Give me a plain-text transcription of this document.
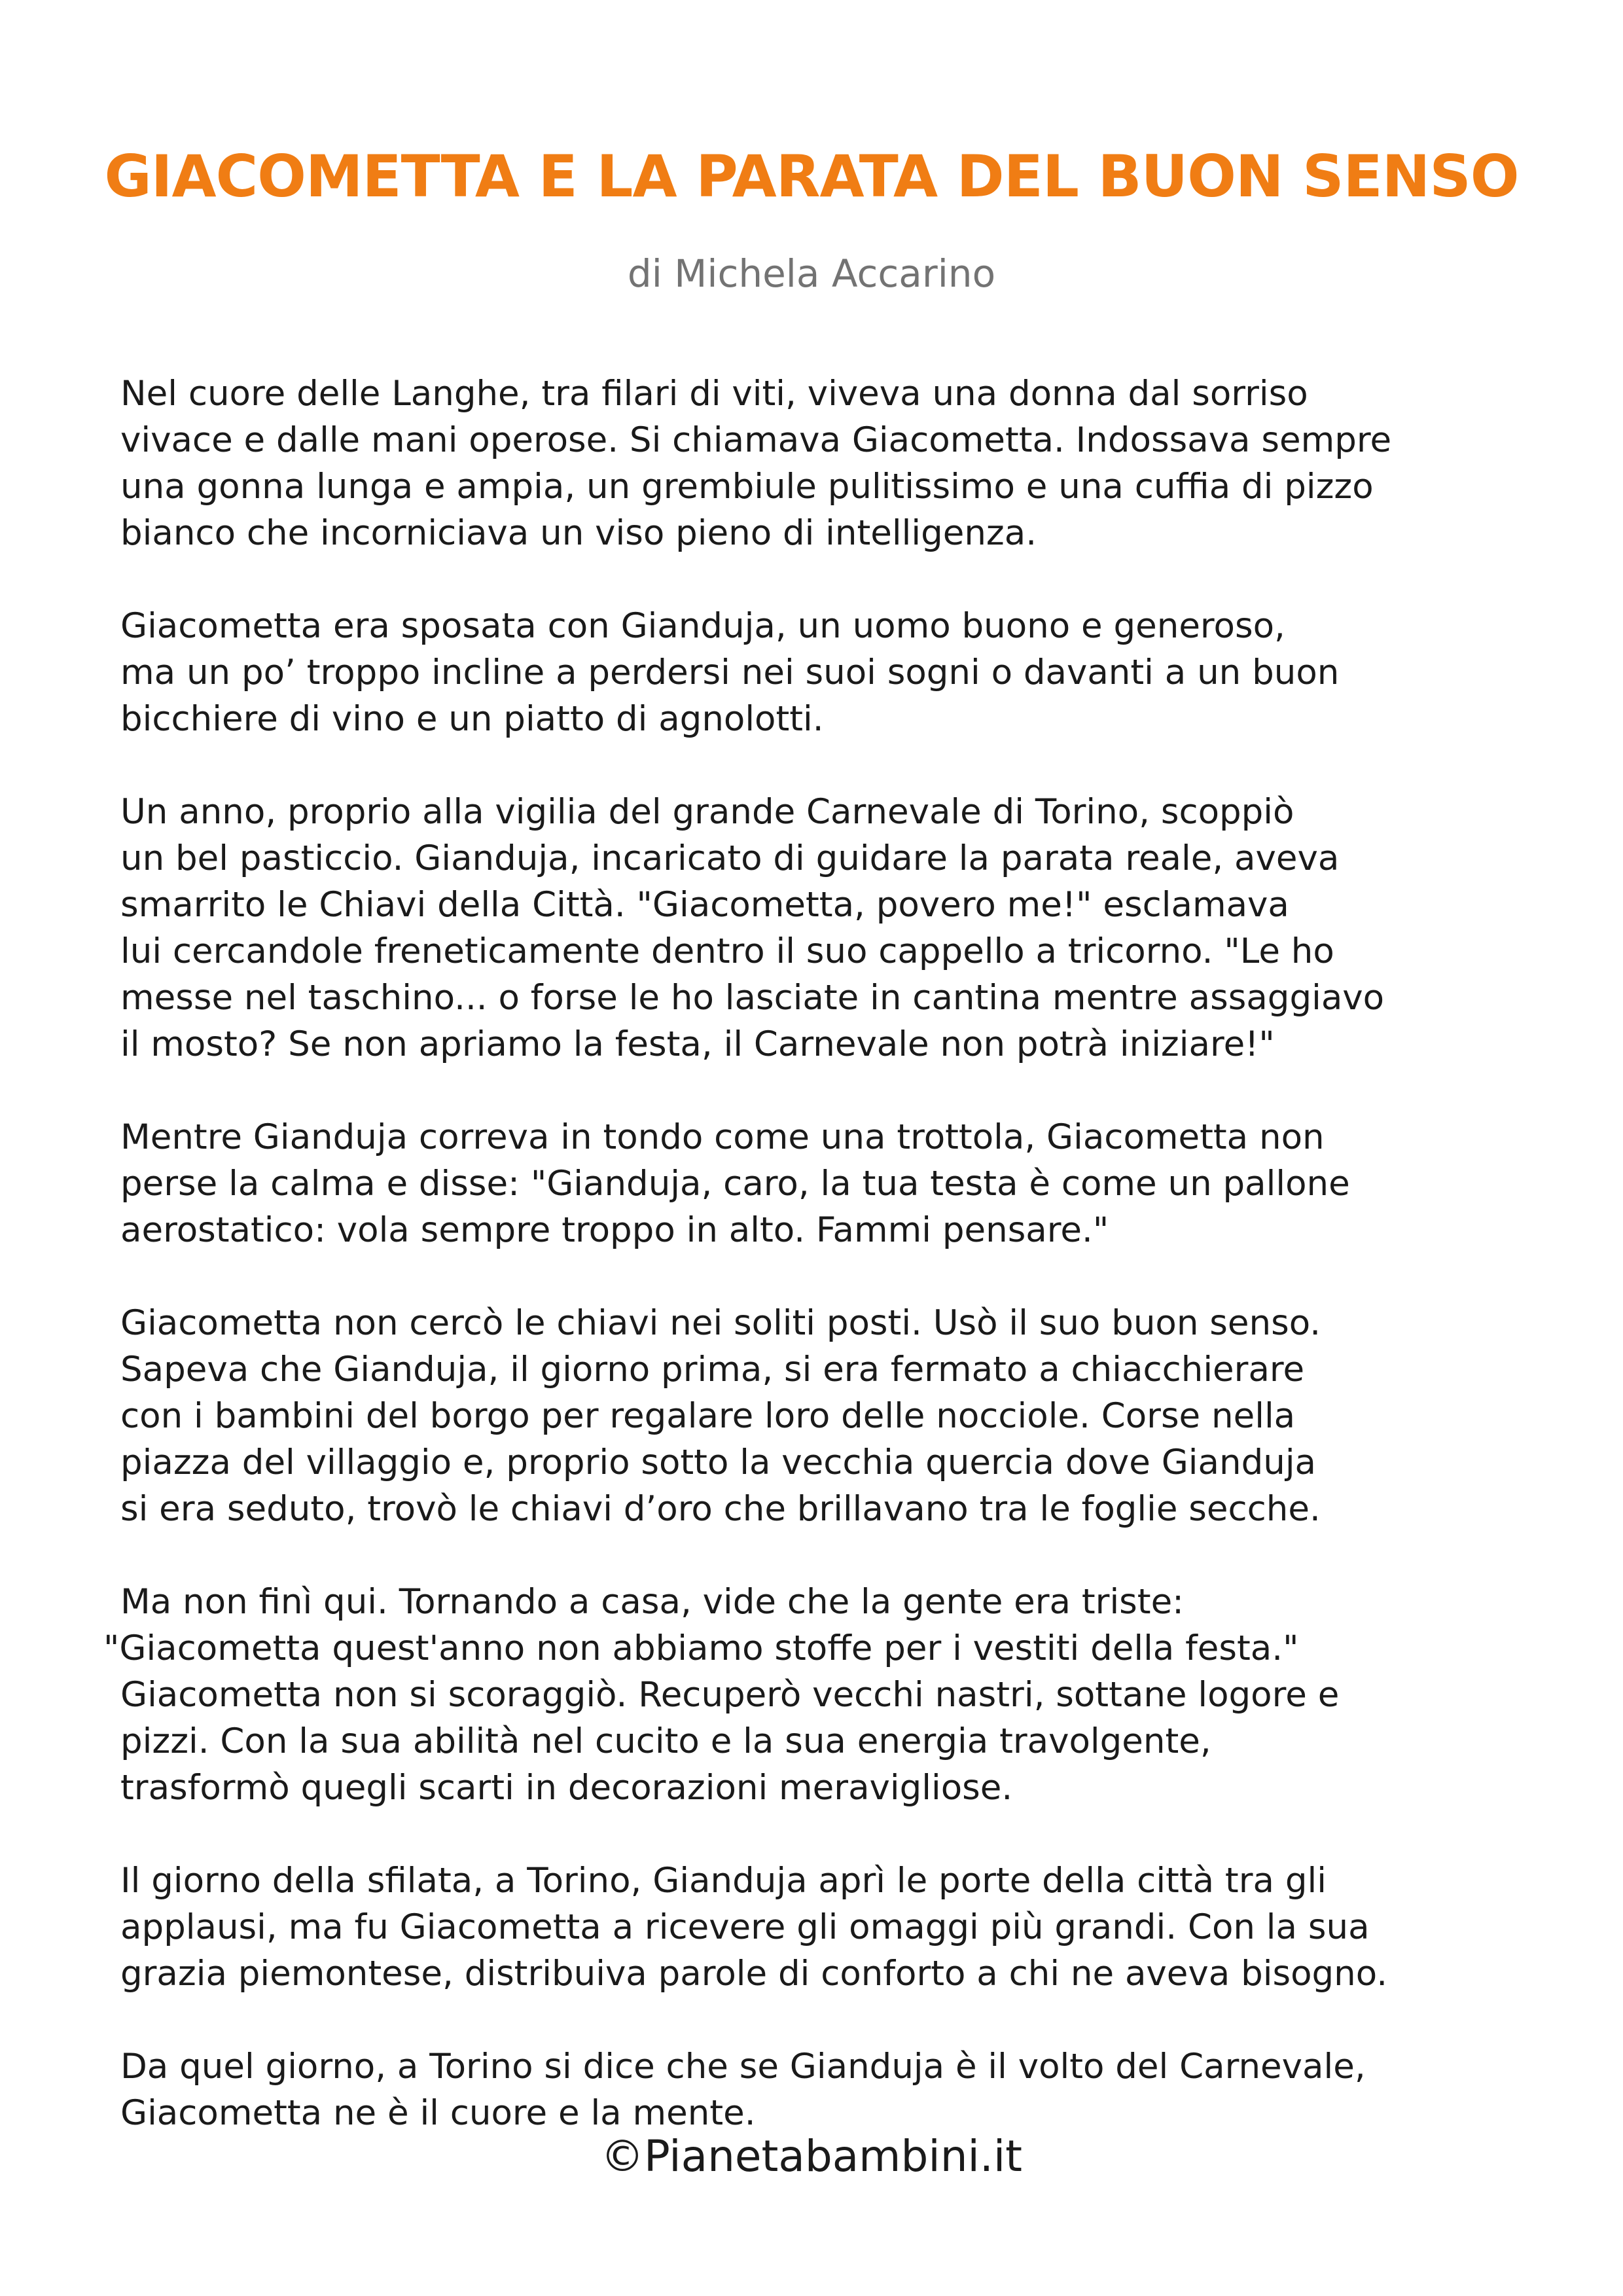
GIACOMETTA E LA PARATA DEL BUON SENSO
di Michela Accarino

Nel cuore delle Langhe, tra filari di viti, viveva una donna dal sorriso
vivace e dalle mani operose. Si chiamava Giacometta. Indossava sempre
una gonna lunga e ampia, un grembiule pulitissimo e una cuffia di pizzo
bianco che incorniciava un viso pieno di intelligenza.

Giacometta era sposata con Gianduja, un uomo buono e generoso,
ma un po’ troppo incline a perdersi nei suoi sogni o davanti a un buon
bicchiere di vino e un piatto di agnolotti.

Un anno, proprio alla vigilia del grande Carnevale di Torino, scoppiò
un bel pasticcio. Gianduja, incaricato di guidare la parata reale, aveva
smarrito le Chiavi della Città. "Giacometta, povero me!" esclamava
lui cercandole freneticamente dentro il suo cappello a tricorno. "Le ho
messe nel taschino... o forse le ho lasciate in cantina mentre assaggiavo
il mosto? Se non apriamo la festa, il Carnevale non potrà iniziare!"

Mentre Gianduja correva in tondo come una trottola, Giacometta non
perse la calma e disse: "Gianduja, caro, la tua testa è come un pallone
aerostatico: vola sempre troppo in alto. Fammi pensare."

Giacometta non cercò le chiavi nei soliti posti. Usò il suo buon senso.
Sapeva che Gianduja, il giorno prima, si era fermato a chiacchierare
con i bambini del borgo per regalare loro delle nocciole. Corse nella
piazza del villaggio e, proprio sotto la vecchia quercia dove Gianduja
si era seduto, trovò le chiavi d’oro che brillavano tra le foglie secche.

Ma non finì qui. Tornando a casa, vide che la gente era triste:
"Giacometta quest'anno non abbiamo stoffe per i vestiti della festa."
Giacometta non si scoraggiò. Recuperò vecchi nastri, sottane logore e
pizzi. Con la sua abilità nel cucito e la sua energia travolgente,
trasformò quegli scarti in decorazioni meravigliose.

Il giorno della sfilata, a Torino, Gianduja aprì le porte della città tra gli
applausi, ma fu Giacometta a ricevere gli omaggi più grandi. Con la sua
grazia piemontese, distribuiva parole di conforto a chi ne aveva bisogno.

Da quel giorno, a Torino si dice che se Gianduja è il volto del Carnevale,
Giacometta ne è il cuore e la mente.

©Pianetabambini.it
